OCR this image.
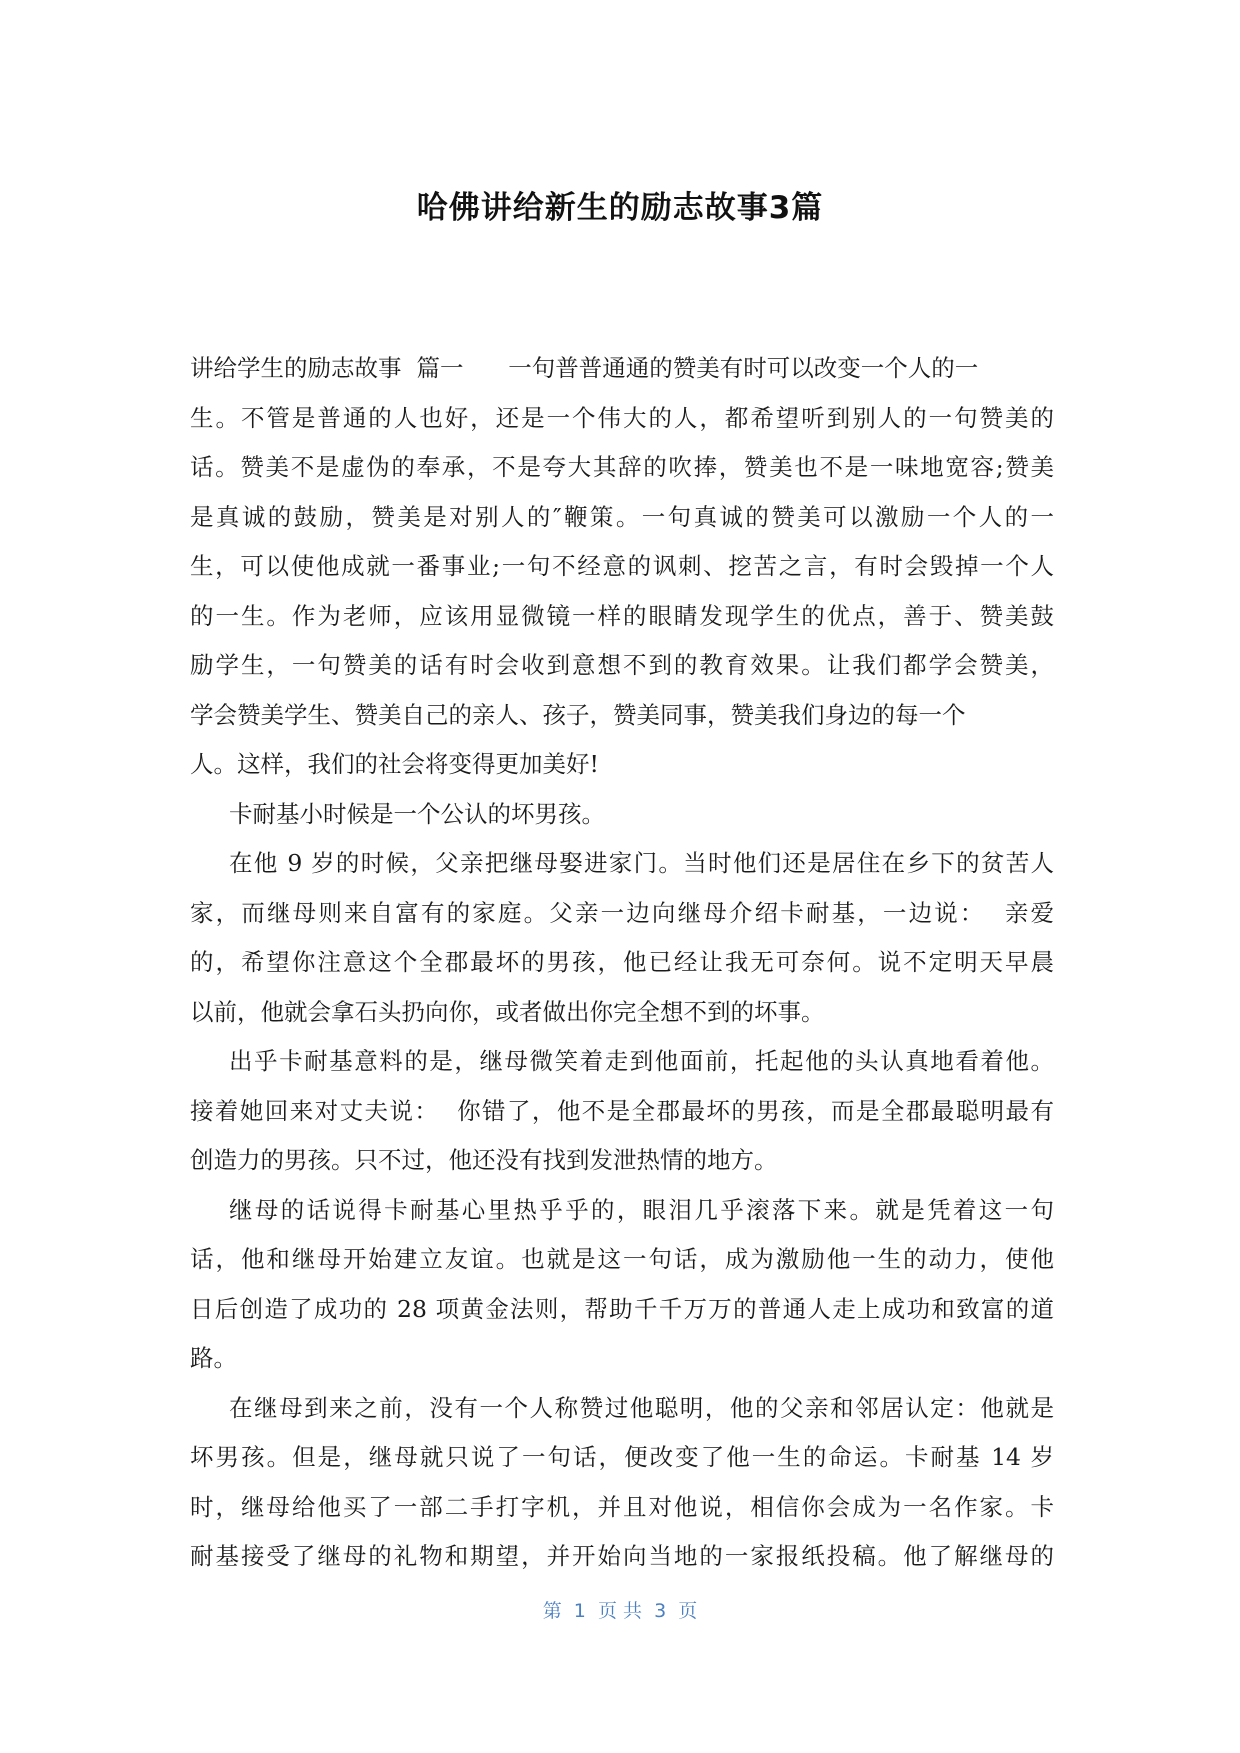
哈佛讲给新生的励志故事3篇
讲给学生的励志故事  篇一      一句普普通通的赞美有时可以改变一个人的一
生。不管是普通的人也好，还是一个伟大的人，都希望听到别人的一句赞美的
话。赞美不是虚伪的奉承，不是夸大其辞的吹捧，赞美也不是一味地宽容;赞美
是真诚的鼓励，赞美是对别人的″鞭策。一句真诚的赞美可以激励一个人的一
生，可以使他成就一番事业;一句不经意的讽刺、挖苦之言，有时会毁掉一个人
的一生。作为老师，应该用显微镜一样的眼睛发现学生的优点，善于、赞美鼓
励学生，一句赞美的话有时会收到意想不到的教育效果。让我们都学会赞美，
学会赞美学生、赞美自己的亲人、孩子，赞美同事，赞美我们身边的每一个
人。这样，我们的社会将变得更加美好!
卡耐基小时候是一个公认的坏男孩。
在他 9 岁的时候，父亲把继母娶进家门。当时他们还是居住在乡下的贫苦人
家，而继母则来自富有的家庭。父亲一边向继母介绍卡耐基，一边说：  亲爱
的，希望你注意这个全郡最坏的男孩，他已经让我无可奈何。说不定明天早晨
以前，他就会拿石头扔向你，或者做出你完全想不到的坏事。
出乎卡耐基意料的是，继母微笑着走到他面前，托起他的头认真地看着他。
接着她回来对丈夫说：  你错了，他不是全郡最坏的男孩，而是全郡最聪明最有
创造力的男孩。只不过，他还没有找到发泄热情的地方。
继母的话说得卡耐基心里热乎乎的，眼泪几乎滚落下来。就是凭着这一句
话，他和继母开始建立友谊。也就是这一句话，成为激励他一生的动力，使他
日后创造了成功的 28 项黄金法则，帮助千千万万的普通人走上成功和致富的道
路。
在继母到来之前，没有一个人称赞过他聪明，他的父亲和邻居认定：他就是
坏男孩。但是，继母就只说了一句话，便改变了他一生的命运。卡耐基 14 岁
时，继母给他买了一部二手打字机，并且对他说，相信你会成为一名作家。卡
耐基接受了继母的礼物和期望，并开始向当地的一家报纸投稿。他了解继母的
第  1  页 共  3  页
